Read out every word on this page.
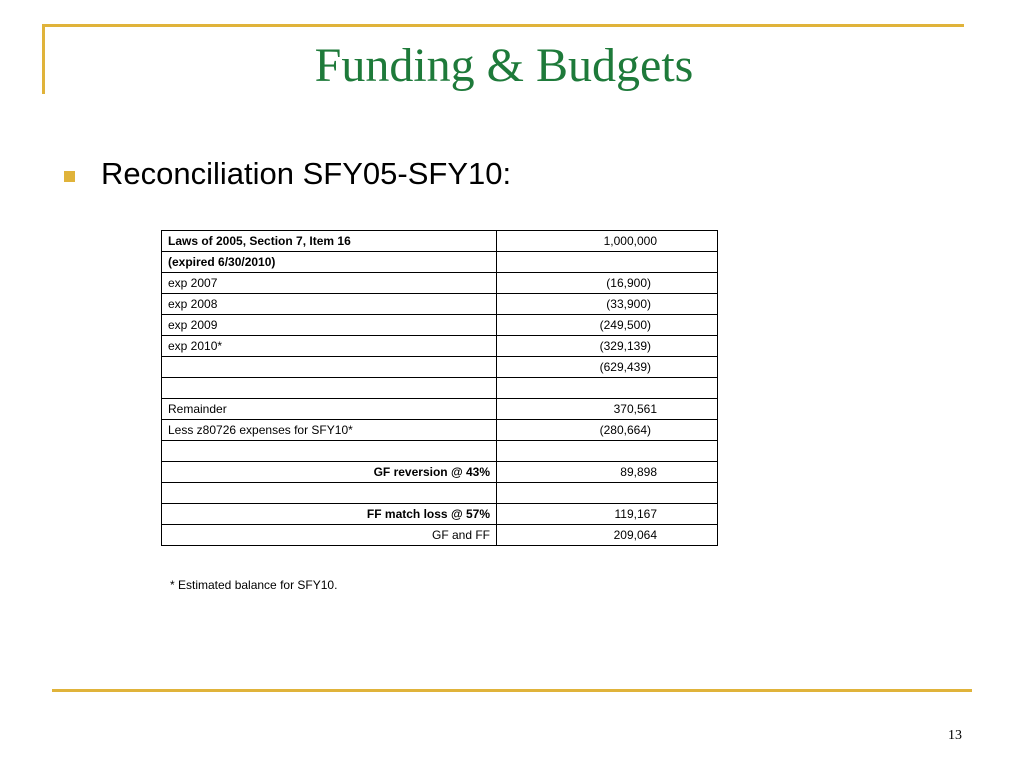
Funding & Budgets
Reconciliation SFY05-SFY10:
Laws of 2005, Section 7, Item 16	1,000,000
(expired 6/30/2010)	
exp 2007	(16,900)
exp 2008	(33,900)
exp 2009	(249,500)
exp 2010*	(329,139)
	(629,439)

Remainder	370,561
Less z80726 expenses for SFY10*	(280,664)

GF reversion @ 43%	89,898

FF match loss @ 57%	119,167
GF and FF	209,064
* Estimated balance for SFY10.
13
